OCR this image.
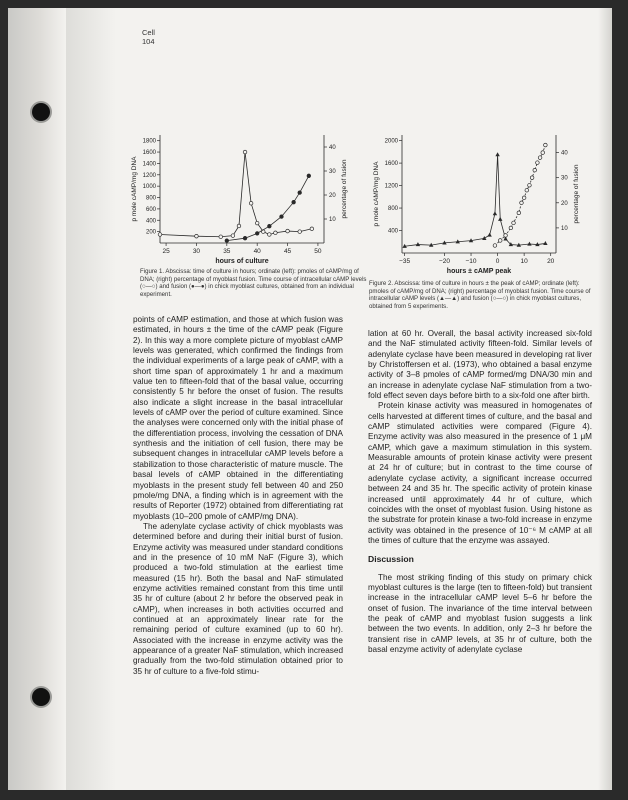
Cell
104
25	30	35	40	45	50
200
400
600
800
1000
1200
1400
1600
1800
10
20
30
40
hours of culture
p mole cAMP/mg DNA	percentage of fusion
Figure 1. Abscissa: time of culture in hours; ordinate (left): pmoles of cAMP/mg of DNA; (right) percentage of myoblast fusion. Time course of intracellular cAMP levels (○—○) and fusion (●—●) in chick myoblast cultures, obtained from an individual experiment.
−35	−20 −10	0	10	20
400
800
1200
1600
2000
10
20
30
40
hours ± cAMP peak
p mole cAMP/mg DNA	percentage of fusion
Figure 2. Abscissa: time of culture in hours ± the peak of cAMP; ordinate (left): pmoles of cAMP/mg of DNA; (right) percentage of myoblast fusion. Time course of intracellular cAMP levels (▲—▲) and fusion (○—○) in chick myoblast cultures, obtained from 5 experiments.

points of cAMP estimation, and those at which fusion was estimated, in hours ± the time of the cAMP peak (Figure 2). In this way a more complete picture of myoblast cAMP levels was generated, which confirmed the findings from the individual experiments of a large peak of cAMP, with a short time span of approximately 1 hr and a maximum value ten to fifteen-fold that of the basal value, occurring consistently 5 hr before the onset of fusion. The results also indicate a slight increase in the basal intracellular levels of cAMP over the period of culture examined. Since the analyses were concerned only with the initial phase of the differentiation process, involving the cessation of DNA synthesis and the initiation of cell fusion, there may be subsequent changes in intracellular cAMP levels before a stabilization to those characteristic of mature muscle. The basal levels of cAMP obtained in the differentiating myoblasts in the present study fell between 40 and 250 pmole/mg DNA, a finding which is in agreement with the results of Reporter (1972) obtained from differentiating rat myoblasts (10–200 pmole of cAMP/mg DNA).

The adenylate cyclase activity of chick myoblasts was determined before and during their initial burst of fusion. Enzyme activity was measured under standard conditions and in the presence of 10 mM NaF (Figure 3), which produced a two-fold stimulation at the earliest time measured (15 hr). Both the basal and NaF stimulated enzyme activities remained constant from this time until 35 hr of culture (about 2 hr before the observed peak in cAMP), when increases in both activities occurred and continued at an approximately linear rate for the remaining period of culture examined (up to 60 hr). Associated with the increase in enzyme activity was the appearance of a greater NaF stimulation, which increased gradually from the two-fold stimulation obtained prior to 35 hr of culture to a five-fold stimu-

lation at 60 hr. Overall, the basal activity increased six-fold and the NaF stimulated activity fifteen-fold. Similar levels of adenylate cyclase have been measured in developing rat liver by Christoffersen et al. (1973), who obtained a basal enzyme activity of 3–8 pmoles of cAMP formed/mg DNA/30 min and an increase in adenylate cyclase NaF stimulation from a two-fold effect seven days before birth to a six-fold one after birth.

Protein kinase activity was measured in homogenates of cells harvested at different times of culture, and the basal and cAMP stimulated activities were compared (Figure 4). Enzyme activity was also measured in the presence of 1 μM cAMP, which gave a maximum stimulation in this system. Measurable amounts of protein kinase activity were present at 24 hr of culture; but in contrast to the time course of adenylate cyclase activity, a significant increase occurred between 24 and 35 hr. The specific activity of protein kinase increased until approximately 44 hr of culture, which coincides with the onset of myoblast fusion. Using histone as the substrate for protein kinase a two-fold increase in enzyme activity was obtained in the presence of 10⁻⁶ M cAMP at all the times of culture that the enzyme was assayed.

Discussion

The most striking finding of this study on primary chick myoblast cultures is the large (ten to fifteen-fold) but transient increase in the intracellular cAMP level 5–6 hr before the onset of fusion. The invariance of the time interval between the peak of cAMP and myoblast fusion suggests a link between the two events. In addition, only 2–3 hr before the transient rise in cAMP levels, at 35 hr of culture, both the basal enzyme activity of adenylate cyclase
